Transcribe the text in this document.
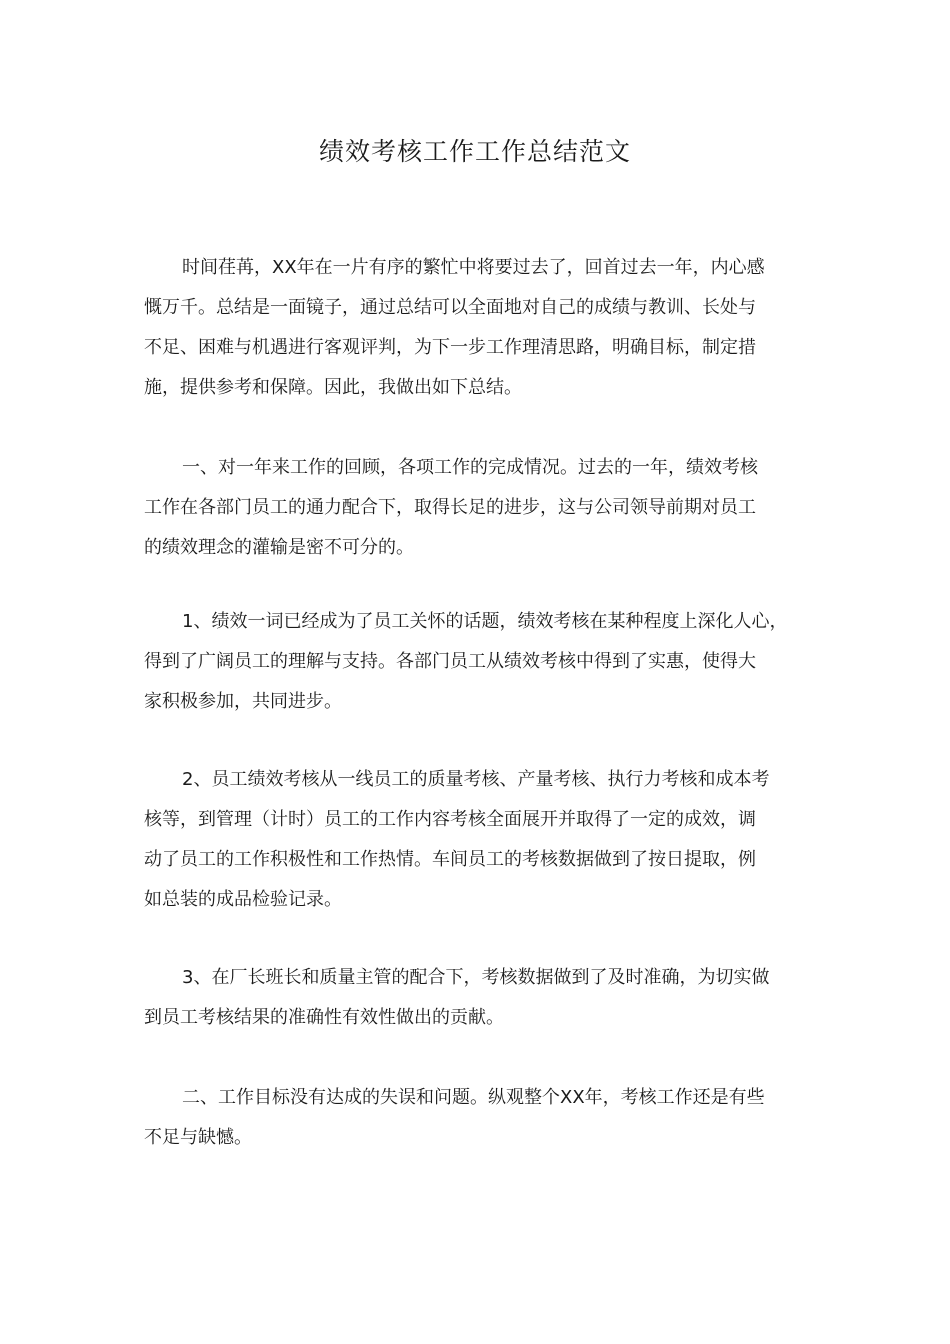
绩效考核工作工作总结范文
时间荏苒，XX年在一片有序的繁忙中将要过去了，回首过去一年，内心感
慨万千。总结是一面镜子，通过总结可以全面地对自己的成绩与教训、长处与
不足、困难与机遇进行客观评判，为下一步工作理清思路，明确目标，制定措
施，提供参考和保障。因此，我做出如下总结。
一、对一年来工作的回顾，各项工作的完成情况。过去的一年，绩效考核
工作在各部门员工的通力配合下，取得长足的进步，这与公司领导前期对员工
的绩效理念的灌输是密不可分的。
1、绩效一词已经成为了员工关怀的话题，绩效考核在某种程度上深化人心，
得到了广阔员工的理解与支持。各部门员工从绩效考核中得到了实惠，使得大
家积极参加，共同进步。
2、员工绩效考核从一线员工的质量考核、产量考核、执行力考核和成本考
核等，到管理（计时）员工的工作内容考核全面展开并取得了一定的成效，调
动了员工的工作积极性和工作热情。车间员工的考核数据做到了按日提取，例
如总装的成品检验记录。
3、在厂长班长和质量主管的配合下，考核数据做到了及时准确，为切实做
到员工考核结果的准确性有效性做出的贡献。
二、工作目标没有达成的失误和问题。纵观整个XX年，考核工作还是有些
不足与缺憾。
